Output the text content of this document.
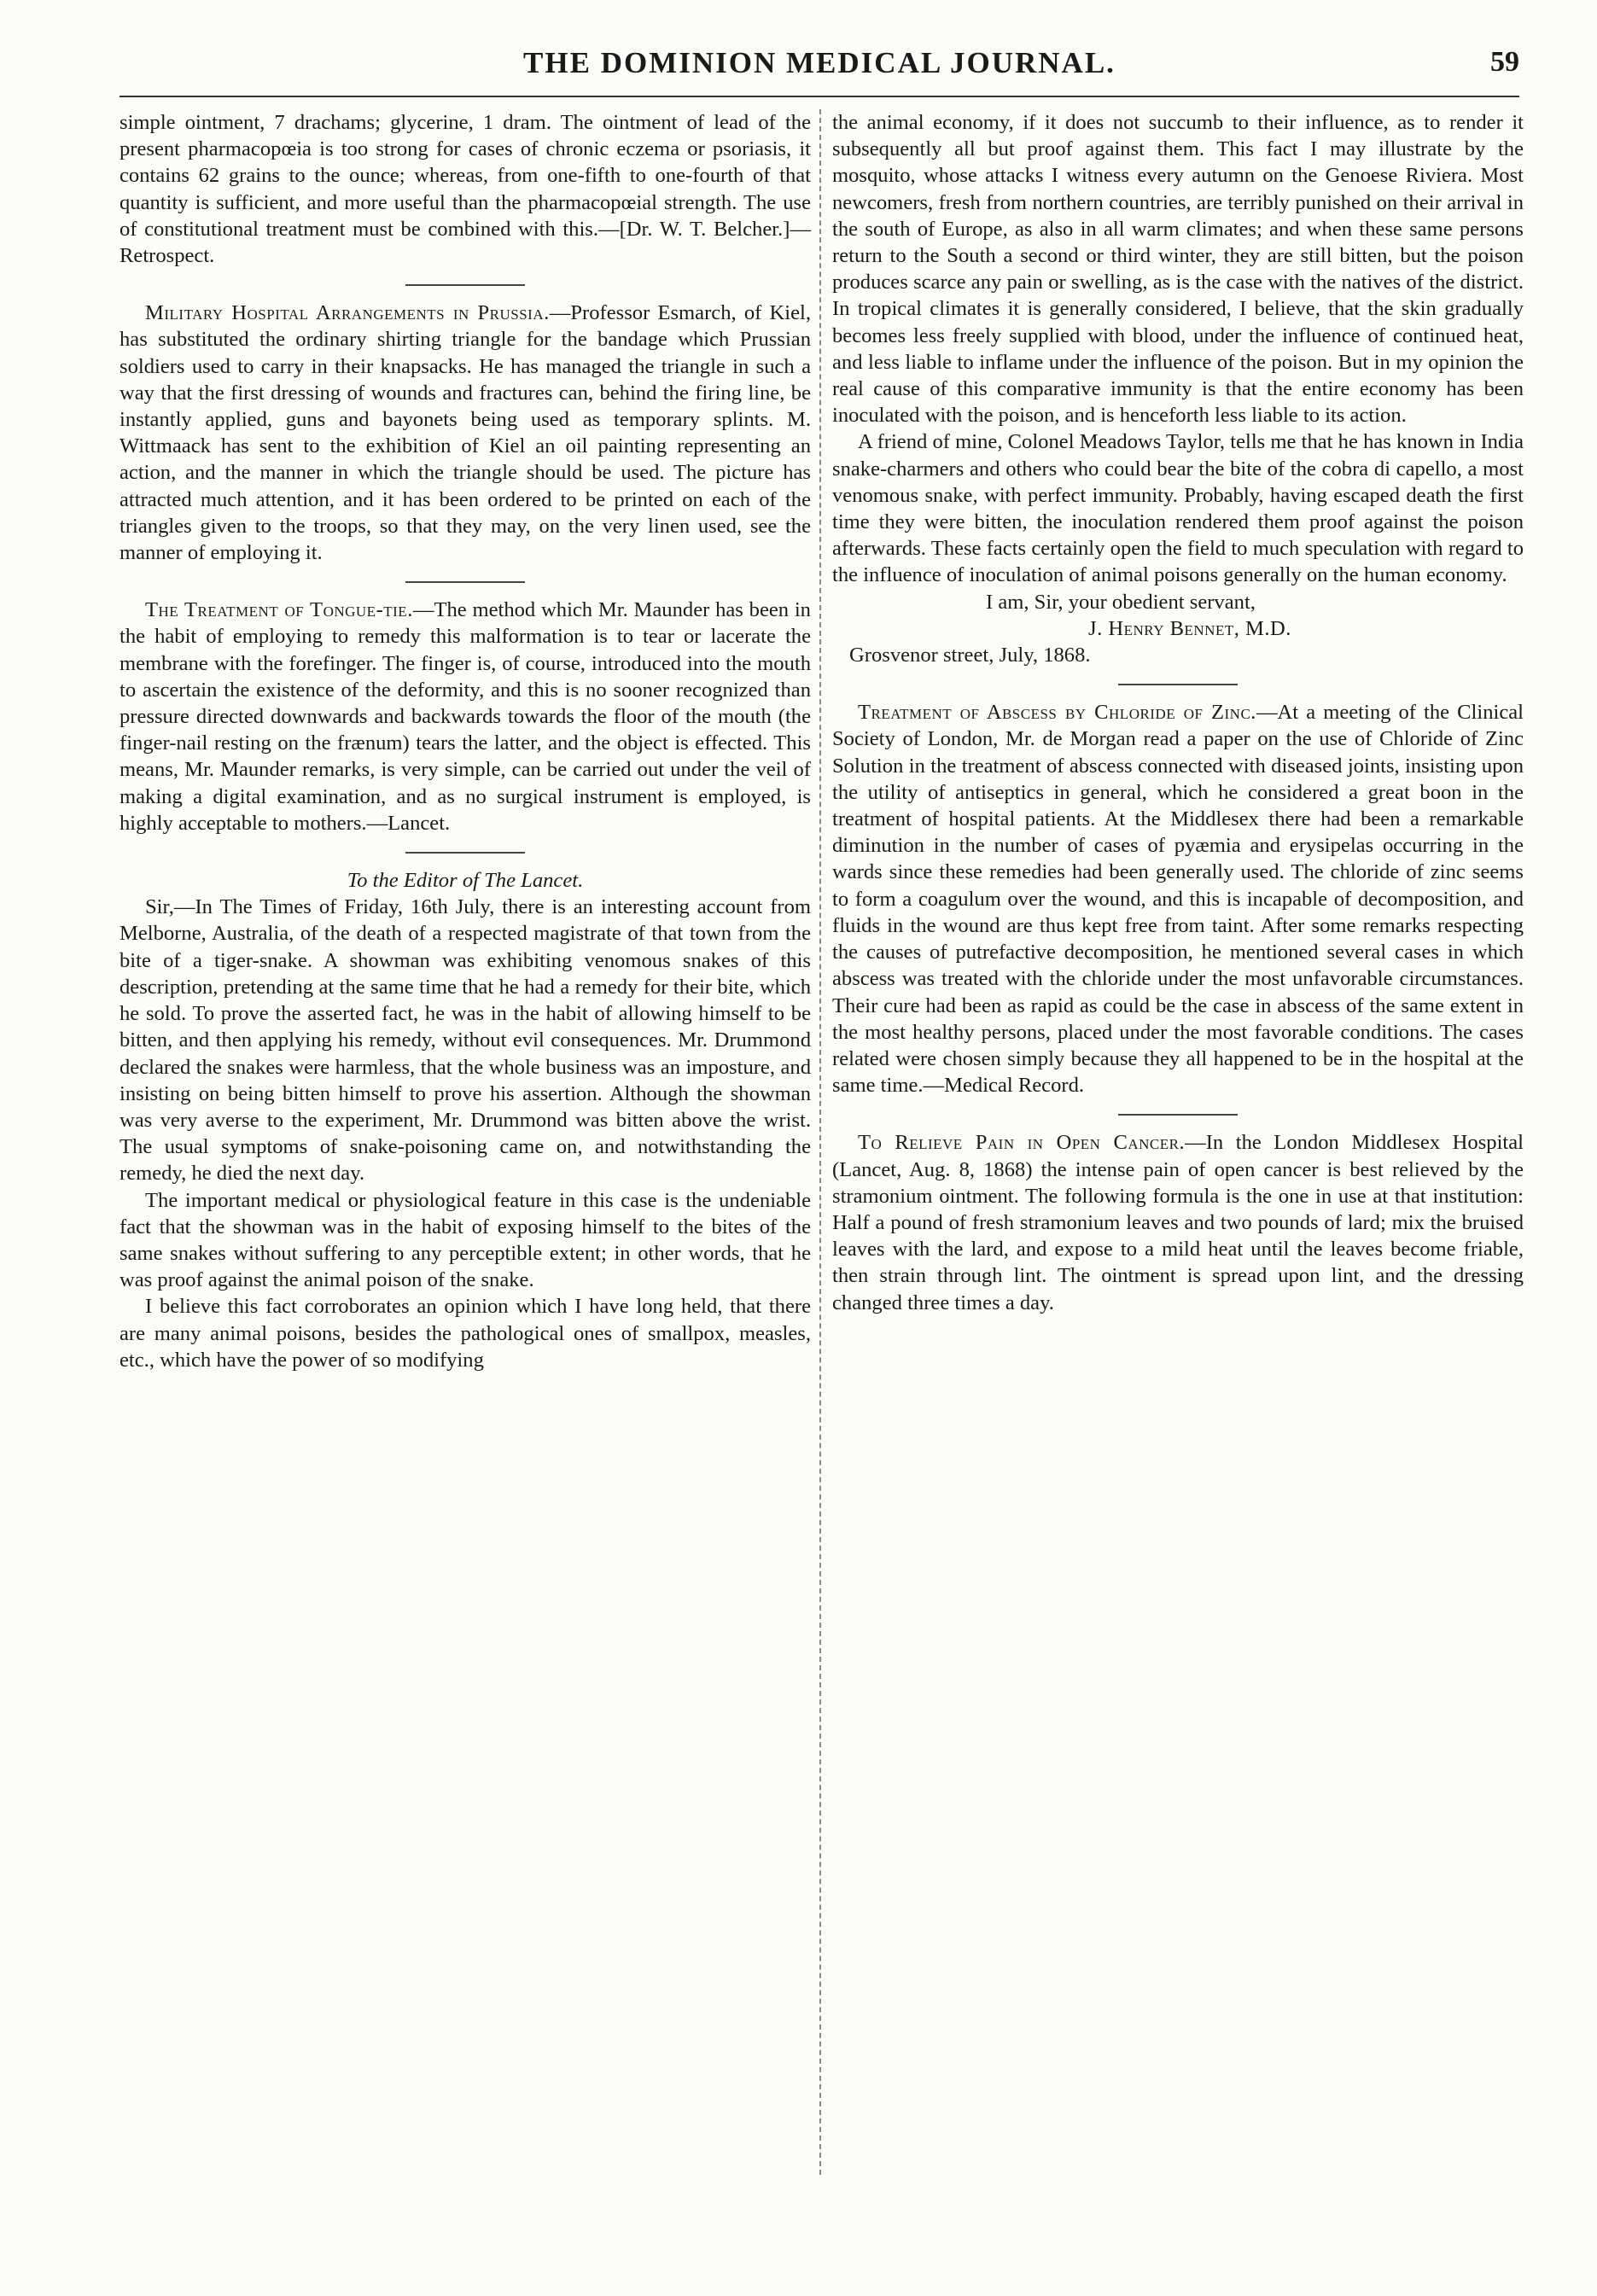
THE DOMINION MEDICAL JOURNAL.	59

simple ointment, 7 drachams; glycerine, 1 dram. The ointment of lead of the present pharmacopœia is too strong for cases of chronic eczema or psoriasis, it contains 62 grains to the ounce; whereas, from one-fifth to one-fourth of that quantity is sufficient, and more useful than the pharmacopœial strength. The use of constitutional treatment must be combined with this.—[Dr. W. T. Belcher.]—Retrospect.

Military Hospital Arrangements in Prussia.—Professor Esmarch, of Kiel, has substituted the ordinary shirting triangle for the bandage which Prussian soldiers used to carry in their knapsacks. He has managed the triangle in such a way that the first dressing of wounds and fractures can, behind the firing line, be instantly applied, guns and bayonets being used as temporary splints. M. Wittmaack has sent to the exhibition of Kiel an oil painting representing an action, and the manner in which the triangle should be used. The picture has attracted much attention, and it has been ordered to be printed on each of the triangles given to the troops, so that they may, on the very linen used, see the manner of employing it.

The Treatment of Tongue-tie.—The method which Mr. Maunder has been in the habit of employing to remedy this malformation is to tear or lacerate the membrane with the forefinger. The finger is, of course, introduced into the mouth to ascertain the existence of the deformity, and this is no sooner recognized than pressure directed downwards and backwards towards the floor of the mouth (the finger-nail resting on the frænum) tears the latter, and the object is effected. This means, Mr. Maunder remarks, is very simple, can be carried out under the veil of making a digital examination, and as no surgical instrument is employed, is highly acceptable to mothers.—Lancet.

To the Editor of The Lancet.

Sir,—In The Times of Friday, 16th July, there is an interesting account from Melborne, Australia, of the death of a respected magistrate of that town from the bite of a tiger-snake. A showman was exhibiting venomous snakes of this description, pretending at the same time that he had a remedy for their bite, which he sold. To prove the asserted fact, he was in the habit of allowing himself to be bitten, and then applying his remedy, without evil consequences. Mr. Drummond declared the snakes were harmless, that the whole business was an imposture, and insisting on being bitten himself to prove his assertion. Although the showman was very averse to the experiment, Mr. Drummond was bitten above the wrist. The usual symptoms of snake-poisoning came on, and notwithstanding the remedy, he died the next day.

The important medical or physiological feature in this case is the undeniable fact that the showman was in the habit of exposing himself to the bites of the same snakes without suffering to any perceptible extent; in other words, that he was proof against the animal poison of the snake.

I believe this fact corroborates an opinion which I have long held, that there are many animal poisons, besides the pathological ones of smallpox, measles, etc., which have the power of so modifying

the animal economy, if it does not succumb to their influence, as to render it subsequently all but proof against them. This fact I may illustrate by the mosquito, whose attacks I witness every autumn on the Genoese Riviera. Most newcomers, fresh from northern countries, are terribly punished on their arrival in the south of Europe, as also in all warm climates; and when these same persons return to the South a second or third winter, they are still bitten, but the poison produces scarce any pain or swelling, as is the case with the natives of the district. In tropical climates it is generally considered, I believe, that the skin gradually becomes less freely supplied with blood, under the influence of continued heat, and less liable to inflame under the influence of the poison. But in my opinion the real cause of this comparative immunity is that the entire economy has been inoculated with the poison, and is henceforth less liable to its action.

A friend of mine, Colonel Meadows Taylor, tells me that he has known in India snake-charmers and others who could bear the bite of the cobra di capello, a most venomous snake, with perfect immunity. Probably, having escaped death the first time they were bitten, the inoculation rendered them proof against the poison afterwards. These facts certainly open the field to much speculation with regard to the influence of inoculation of animal poisons generally on the human economy.

I am, Sir, your obedient servant,

J. Henry Bennet, M.D.

Grosvenor street, July, 1868.

Treatment of Abscess by Chloride of Zinc.—At a meeting of the Clinical Society of London, Mr. de Morgan read a paper on the use of Chloride of Zinc Solution in the treatment of abscess connected with diseased joints, insisting upon the utility of antiseptics in general, which he considered a great boon in the treatment of hospital patients. At the Middlesex there had been a remarkable diminution in the number of cases of pyæmia and erysipelas occurring in the wards since these remedies had been generally used. The chloride of zinc seems to form a coagulum over the wound, and this is incapable of decomposition, and fluids in the wound are thus kept free from taint. After some remarks respecting the causes of putrefactive decomposition, he mentioned several cases in which abscess was treated with the chloride under the most unfavorable circumstances. Their cure had been as rapid as could be the case in abscess of the same extent in the most healthy persons, placed under the most favorable conditions. The cases related were chosen simply because they all happened to be in the hospital at the same time.—Medical Record.

To Relieve Pain in Open Cancer.—In the London Middlesex Hospital (Lancet, Aug. 8, 1868) the intense pain of open cancer is best relieved by the stramonium ointment. The following formula is the one in use at that institution: Half a pound of fresh stramonium leaves and two pounds of lard; mix the bruised leaves with the lard, and expose to a mild heat until the leaves become friable, then strain through lint. The ointment is spread upon lint, and the dressing changed three times a day.
